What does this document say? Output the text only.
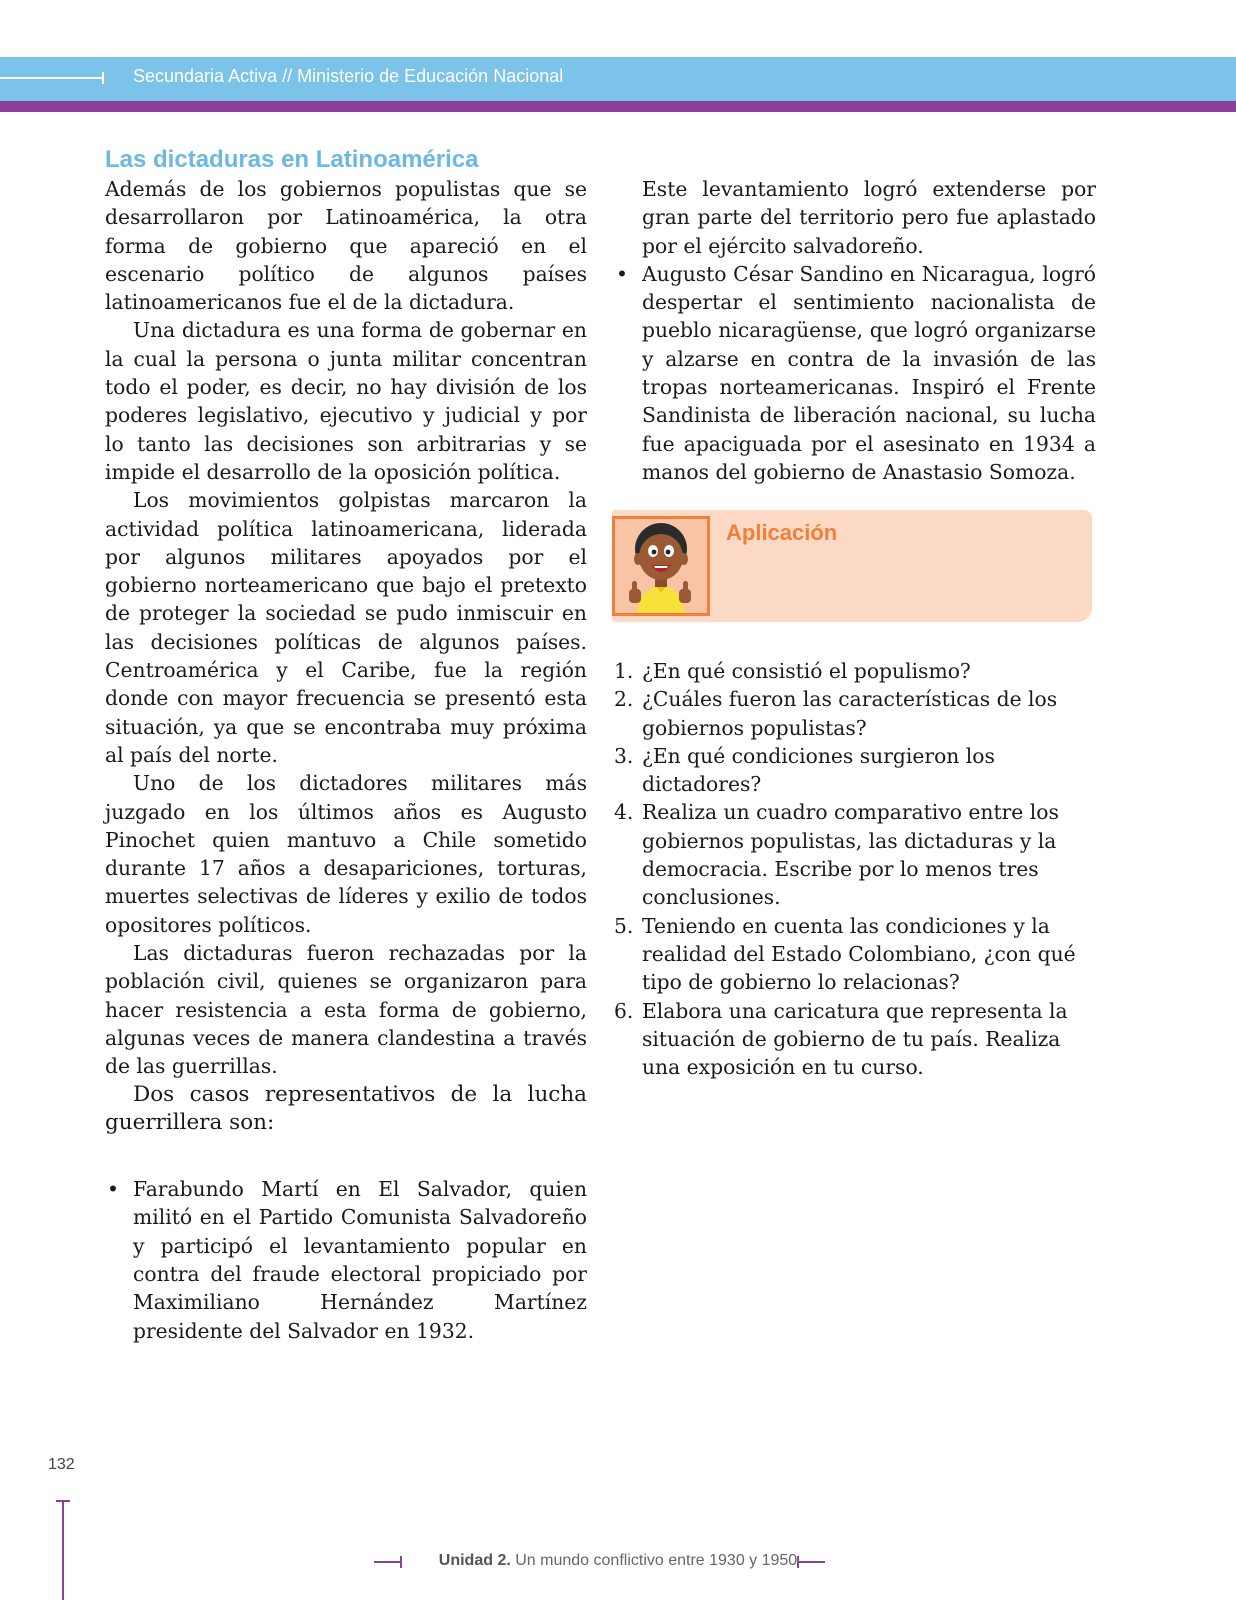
Secundaria Activa // Ministerio de Educación Nacional
Las dictaduras en Latinoamérica

Además de los gobiernos populistas que se desarrollaron por Latinoamérica, la otra forma de gobierno que apareció en el escenario político de algunos países latinoamericanos fue el de la dictadura.

Una dictadura es una forma de gobernar en la cual la persona o junta militar concentran todo el poder, es decir, no hay división de los poderes legislativo, ejecutivo y judicial y por lo tanto las decisiones son arbitrarias y se impide el desarrollo de la oposición política.

Los movimientos golpistas marcaron la actividad política latinoamericana, liderada por algunos militares apoyados por el gobierno norteamericano que bajo el pretexto de proteger la sociedad se pudo inmiscuir en las decisiones políticas de algunos países. Centroamérica y el Caribe, fue la región donde con mayor frecuencia se presentó esta situación, ya que se encontraba muy próxima al país del norte.

Uno de los dictadores militares más juzgado en los últimos años es Augusto Pinochet quien mantuvo a Chile sometido durante 17 años a desapariciones, torturas, muertes selectivas de líderes y exilio de todos opositores políticos.

Las dictaduras fueron rechazadas por la población civil, quienes se organizaron para hacer resistencia a esta forma de gobierno, algunas veces de manera clandestina a través de las guerrillas.

Dos casos representativos de la lucha guerrillera son:

• Farabundo Martí en El Salvador, quien militó en el Partido Comunista Salvadoreño y participó el levantamiento popular en contra del fraude electoral propiciado por Maximiliano Hernández Martínez presidente del Salvador en 1932.

Este levantamiento logró extenderse por gran parte del territorio pero fue aplastado por el ejército salvadoreño.

• Augusto César Sandino en Nicaragua, logró despertar el sentimiento nacionalista de pueblo nicaragüense, que logró organizarse y alzarse en contra de la invasión de las tropas norteamericanas. Inspiró el Frente Sandinista de liberación nacional, su lucha fue apaciguada por el asesinato en 1934 a manos del gobierno de Anastasio Somoza.
Aplicación
1. ¿En qué consistió el populismo?
2. ¿Cuáles fueron las características de los gobiernos populistas?
3. ¿En qué condiciones surgieron los dictadores?
4. Realiza un cuadro comparativo entre los gobiernos populistas, las dictaduras y la democracia. Escribe por lo menos tres conclusiones.
5. Teniendo en cuenta las condiciones y la realidad del Estado Colombiano, ¿con qué tipo de gobierno lo relacionas?
6. Elabora una caricatura que representa la situación de gobierno de tu país. Realiza una exposición en tu curso.
132
Unidad 2. Un mundo conflictivo entre 1930 y 1950
